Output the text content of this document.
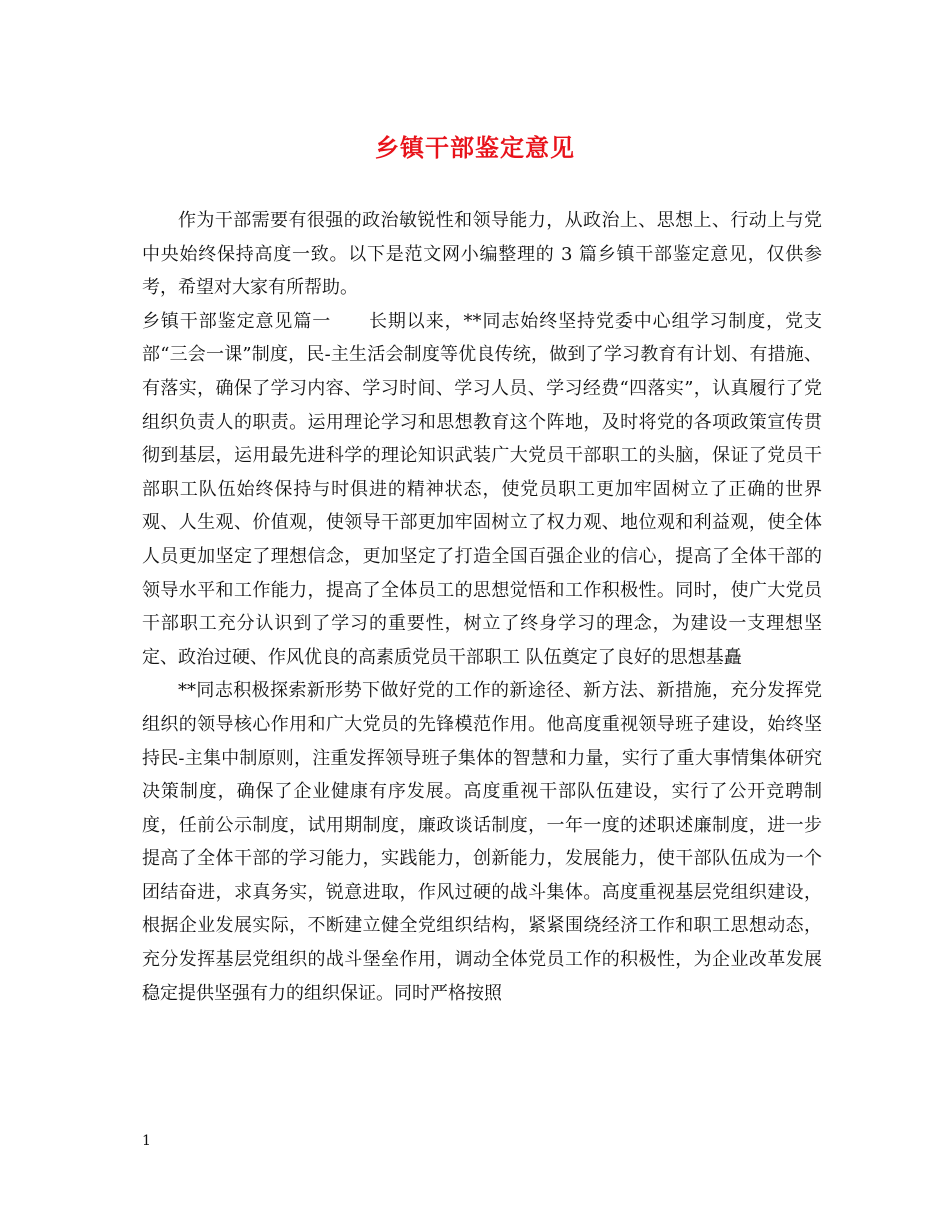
乡镇干部鉴定意见

作为干部需要有很强的政治敏锐性和领导能力，从政治上、思想上、行动上与党中央始终保持高度一致。以下是范文网小编整理的 3 篇乡镇干部鉴定意见，仅供参考，希望对大家有所帮助。

乡镇干部鉴定意见篇一　　长期以来，**同志始终坚持党委中心组学习制度，党支部“三会一课”制度，民-主生活会制度等优良传统，做到了学习教育有计划、有措施、有落实，确保了学习内容、学习时间、学习人员、学习经费“四落实”，认真履行了党组织负责人的职责。运用理论学习和思想教育这个阵地，及时将党的各项政策宣传贯彻到基层，运用最先进科学的理论知识武装广大党员干部职工的头脑，保证了党员干部职工队伍始终保持与时俱进的精神状态，使党员职工更加牢固树立了正确的世界观、人生观、价值观，使领导干部更加牢固树立了权力观、地位观和利益观，使全体人员更加坚定了理想信念，更加坚定了打造全国百强企业的信心，提高了全体干部的领导水平和工作能力，提高了全体员工的思想觉悟和工作积极性。同时，使广大党员干部职工充分认识到了学习的重要性，树立了终身学习的理念，为建设一支理想坚定、政治过硬、作风优良的高素质党员干部职工 队伍奠定了良好的思想基矗

**同志积极探索新形势下做好党的工作的新途径、新方法、新措施，充分发挥党组织的领导核心作用和广大党员的先锋模范作用。他高度重视领导班子建设，始终坚持民-主集中制原则，注重发挥领导班子集体的智慧和力量，实行了重大事情集体研究决策制度，确保了企业健康有序发展。高度重视干部队伍建设，实行了公开竞聘制度，任前公示制度，试用期制度，廉政谈话制度，一年一度的述职述廉制度，进一步提高了全体干部的学习能力，实践能力，创新能力，发展能力，使干部队伍成为一个团结奋进，求真务实，锐意进取，作风过硬的战斗集体。高度重视基层党组织建设，根据企业发展实际，不断建立健全党组织结构，紧紧围绕经济工作和职工思想动态，充分发挥基层党组织的战斗堡垒作用，调动全体党员工作的积极性，为企业改革发展稳定提供坚强有力的组织保证。同时严格按照

1
